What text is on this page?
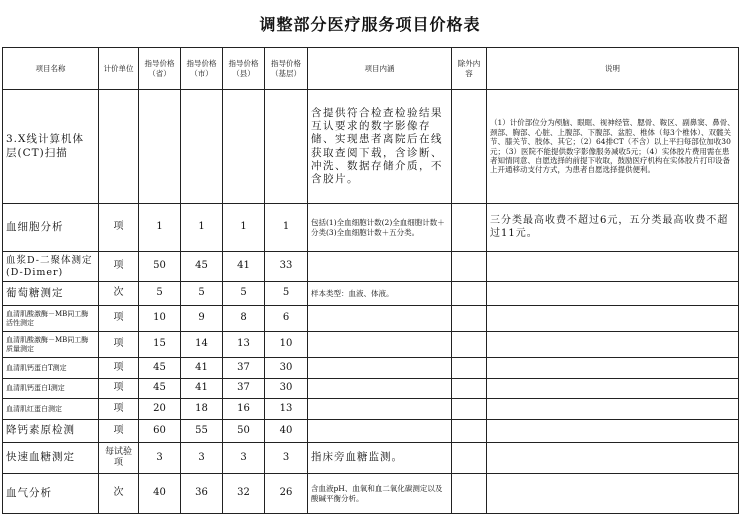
调整部分医疗服务项目价格表
项目名称	计价单位	指导价格（省）	指导价格（市）	指导价格（县）	指导价格（基层）	项目内涵	除外内容	说明
3.X线计算机体层(CT)扫描						含提供符合检查检验结果互认要求的数字影像存储、实现患者离院后在线获取查阅下载，含诊断、冲洗、数据存储介质，不含胶片。		（1）计价部位分为颅脑、眼眶、视神经管、腮骨、鞍区、副鼻窦、鼻骨、颈部、胸部、心脏、上腹部、下腹部、盆腔、椎体（每3个椎体）、双髋关节、膝关节、肢体、其它；（2）64排CT（不含）以上平扫每部位加收30元；（3）医院不能提供数字影像服务减收5元；（4）实体胶片费用需在患者知情同意、自愿选择的前提下收取，鼓励医疗机构在实体胶片打印设备上开通移动支付方式，为患者自愿选择提供便利。
血细胞分析	项	1	1	1	1	包括(1)全血细胞计数(2)全血细胞计数＋分类(3)全血细胞计数＋五分类。		三分类最高收费不超过6元，五分类最高收费不超过11元。
血浆D-二聚体测定(D-Dimer)	项	50	45	41	33			
葡萄糖测定	次	5	5	5	5	样本类型：血液、体液。		
血清肌酸激酶－MB同工酶活性测定	项	10	9	8	6			
血清肌酸激酶－MB同工酶质量测定	项	15	14	13	10			
血清肌钙蛋白T测定	项	45	41	37	30			
血清肌钙蛋白Ⅰ测定	项	45	41	37	30			
血清肌红蛋白测定	项	20	18	16	13			
降钙素原检测	项	60	55	50	40			
快速血糖测定	每试验项	3	3	3	3	指床旁血糖监测。		
血气分析	次	40	36	32	26	含血液pH、血氧和血二氧化碳测定以及酸碱平衡分析。		
